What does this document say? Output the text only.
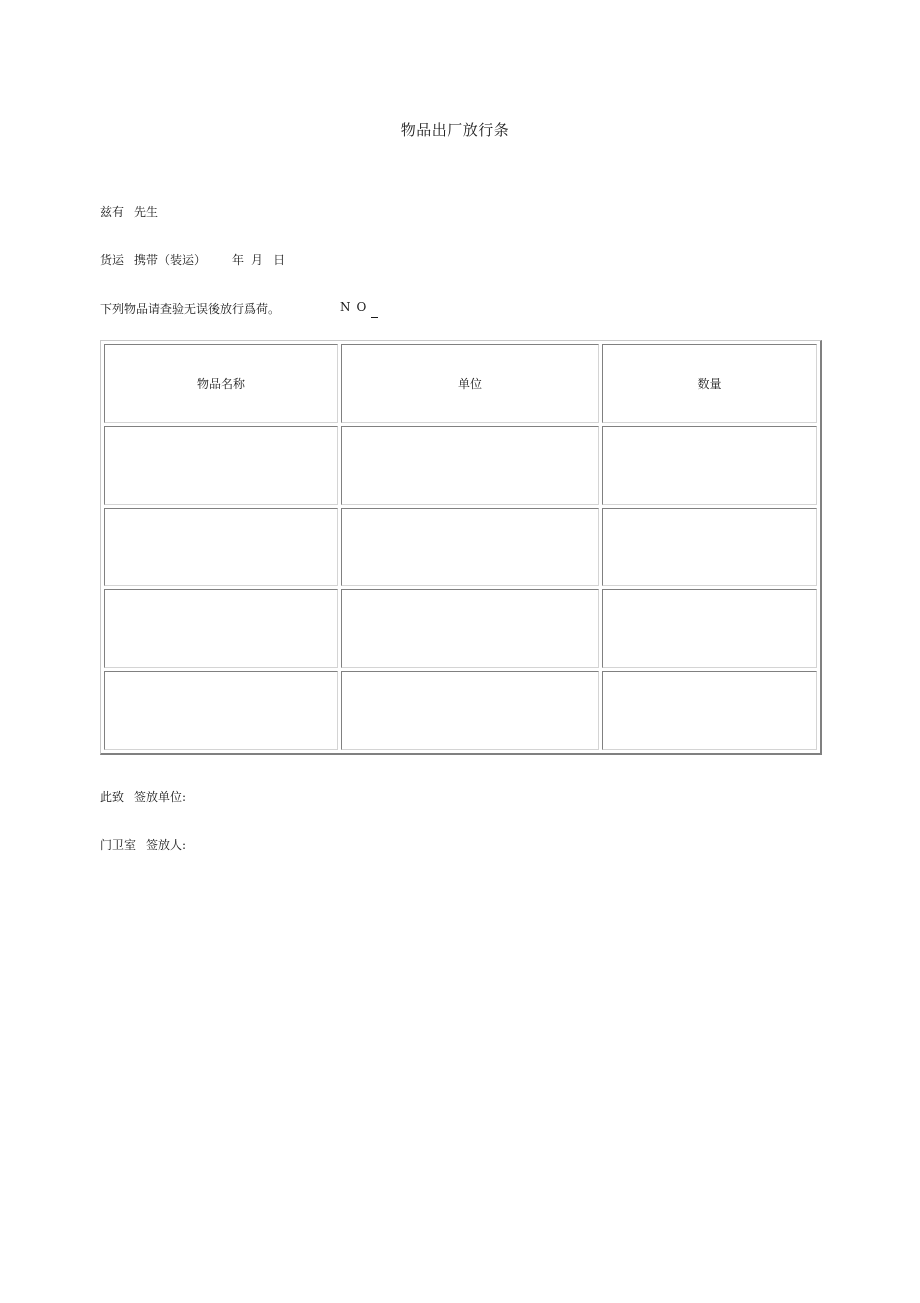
物品出厂放行条
兹有 先生
货运 携带（装运） 年 月 日
下列物品请查验无误後放行爲荷。	NO
物品名称	单位	数量

此致 签放单位:
门卫室 签放人:
